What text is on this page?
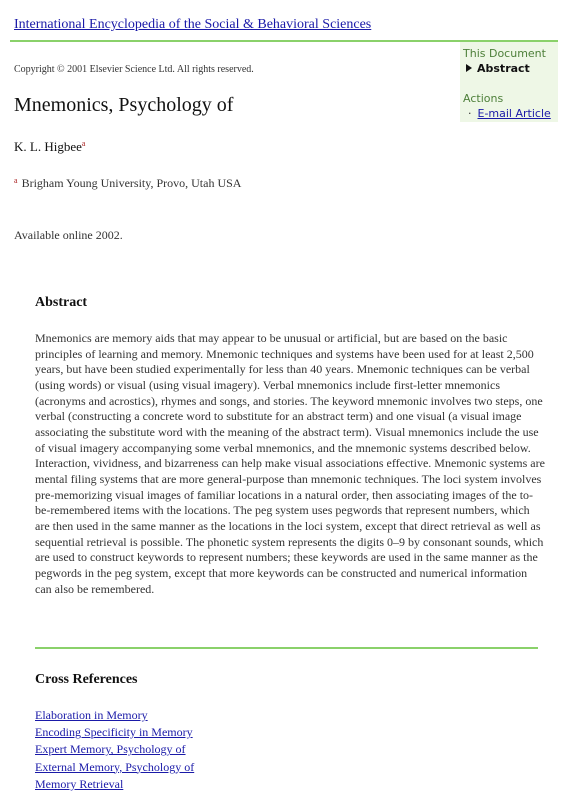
International Encyclopedia of the Social & Behavioral Sciences
This Document
Abstract
Actions
· E-mail Article
Copyright © 2001 Elsevier Science Ltd. All rights reserved.
Mnemonics, Psychology of
K. L. Higbee$^a$
$^a$ Brigham Young University, Provo, Utah USA
Available online 2002.
Abstract

Mnemonics are memory aids that may appear to be unusual or artificial, but are based on the basic principles of learning and memory. Mnemonic techniques and systems have been used for at least 2,500 years, but have been studied experimentally for less than 40 years. Mnemonic techniques can be verbal (using words) or visual (using visual imagery). Verbal mnemonics include first-letter mnemonics (acronyms and acrostics), rhymes and songs, and stories. The keyword mnemonic involves two steps, one verbal (constructing a concrete word to substitute for an abstract term) and one visual (a visual image associating the substitute word with the meaning of the abstract term). Visual mnemonics include the use of visual imagery accompanying some verbal mnemonics, and the mnemonic systems described below. Interaction, vividness, and bizarreness can help make visual associations effective. Mnemonic systems are mental filing systems that are more general-purpose than mnemonic techniques. The loci system involves pre-memorizing visual images of familiar locations in a natural order, then associating images of the to-be-remembered items with the locations. The peg system uses pegwords that represent numbers, which are then used in the same manner as the locations in the loci system, except that direct retrieval as well as sequential retrieval is possible. The phonetic system represents the digits 0–9 by consonant sounds, which are used to construct keywords to represent numbers; these keywords are used in the same manner as the pegwords in the peg system, except that more keywords can be constructed and numerical information can also be remembered.

Cross References
Elaboration in Memory
Encoding Specificity in Memory
Expert Memory, Psychology of
External Memory, Psychology of
Memory Retrieval
